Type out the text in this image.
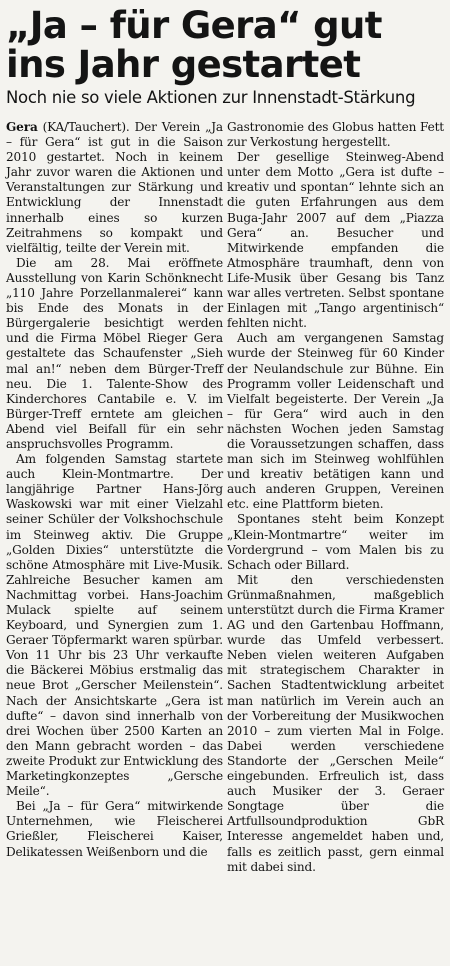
„Ja – für Gera“ gut
ins Jahr gestartet
Noch nie so viele Aktionen zur Innenstadt-Stärkung

Gera (KA/Tauchert). Der Verein „Ja – für Gera“ ist gut in die Saison 2010 gestartet. Noch in keinem Jahr zuvor waren die Aktionen und Veranstaltungen zur Stärkung und Entwicklung der Innenstadt innerhalb eines so kurzen Zeitrahmens so kompakt und vielfältig, teilte der Verein mit.

Die am 28. Mai eröffnete Ausstellung von Karin Schönknecht „110 Jahre Porzellanmalerei“ kann bis Ende des Monats in der Bürgergalerie besichtigt werden und die Firma Möbel Rieger Gera gestaltete das Schaufenster „Sieh mal an!“ neben dem Bürger-Treff neu. Die 1. Talente-Show des Kinderchores Cantabile e. V. im Bürger-Treff erntete am gleichen Abend viel Beifall für ein sehr anspruchsvolles Programm.

Am folgenden Samstag startete auch Klein-Montmartre. Der langjährige Partner Hans-Jörg Waskowski war mit einer Vielzahl seiner Schüler der Volkshochschule im Steinweg aktiv. Die Gruppe „Golden Dixies“ unterstützte die schöne Atmosphäre mit Live-Musik. Zahlreiche Besucher kamen am Nachmittag vorbei. Hans-Joachim Mulack spielte auf seinem Keyboard, und Synergien zum 1. Geraer Töpfermarkt waren spürbar. Von 11 Uhr bis 23 Uhr verkaufte die Bäckerei Möbius erstmalig das neue Brot „Gerscher Meilenstein“. Nach der Ansichtskarte „Gera ist dufte“ – davon sind innerhalb von drei Wochen über 2500 Karten an den Mann gebracht worden – das zweite Produkt zur Entwicklung des Marketingkonzeptes „Gersche Meile“.

Bei „Ja – für Gera“ mitwirkende Unternehmen, wie Fleischerei Grießler, Fleischerei Kaiser, Delikatessen Weißenborn und die

Gastronomie des Globus hatten Fett zur Verkostung hergestellt.

Der gesellige Steinweg-Abend unter dem Motto „Gera ist dufte – kreativ und spontan“ lehnte sich an die guten Erfahrungen aus dem Buga-Jahr 2007 auf dem „Piazza Gera“ an. Besucher und Mitwirkende empfanden die Atmosphäre traumhaft, denn von Life-Musik über Gesang bis Tanz war alles vertreten. Selbst spontane Einlagen mit „Tango argentinisch“ fehlten nicht.

Auch am vergangenen Samstag wurde der Steinweg für 60 Kinder der Neulandschule zur Bühne. Ein Programm voller Leidenschaft und Vielfalt begeisterte. Der Verein „Ja – für Gera“ wird auch in den nächsten Wochen jeden Samstag die Voraussetzungen schaffen, dass man sich im Steinweg wohlfühlen und kreativ betätigen kann und auch anderen Gruppen, Vereinen etc. eine Plattform bieten.

Spontanes steht beim Konzept „Klein-Montmartre“ weiter im Vordergrund – vom Malen bis zu Schach oder Billard.

Mit den verschiedensten Grünmaßnahmen, maßgeblich unterstützt durch die Firma Kramer AG und den Gartenbau Hoffmann, wurde das Umfeld verbessert. Neben vielen weiteren Aufgaben mit strategischem Charakter in Sachen Stadtentwicklung arbeitet man natürlich im Verein auch an der Vorbereitung der Musikwochen 2010 – zum vierten Mal in Folge. Dabei werden verschiedene Standorte der „Gerschen Meile“ eingebunden. Erfreulich ist, dass auch Musiker der 3. Geraer Songtage über die Artfullsoundproduktion GbR Interesse angemeldet haben und, falls es zeitlich passt, gern einmal mit dabei sind.
